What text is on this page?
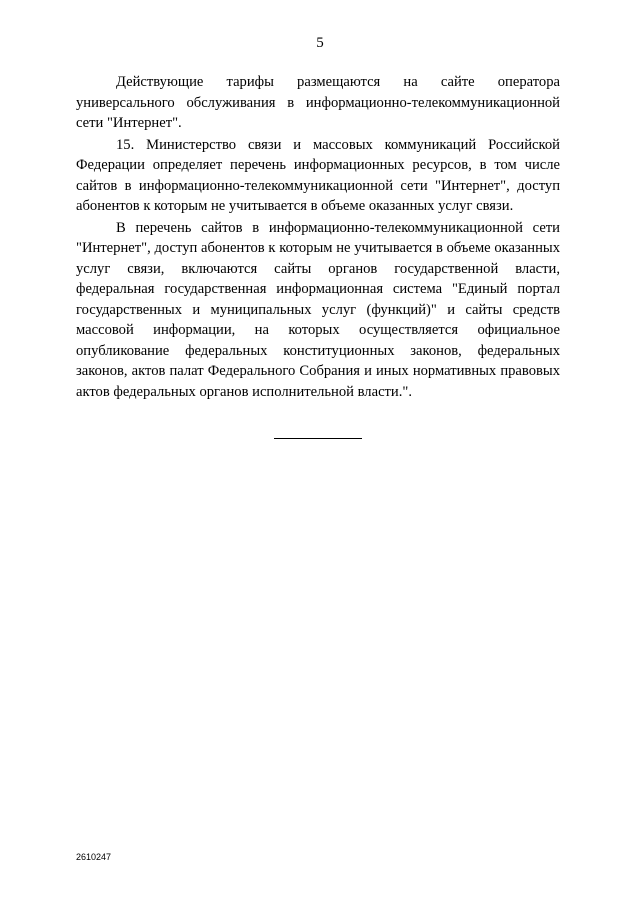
5

Действующие тарифы размещаются на сайте оператора универсального обслуживания в информационно-телекоммуникационной сети "Интернет".

15. Министерство связи и массовых коммуникаций Российской Федерации определяет перечень информационных ресурсов, в том числе сайтов в информационно-телекоммуникационной сети "Интернет", доступ абонентов к которым не учитывается в объеме оказанных услуг связи.

В перечень сайтов в информационно-телекоммуникационной сети "Интернет", доступ абонентов к которым не учитывается в объеме оказанных услуг связи, включаются сайты органов государственной власти, федеральная государственная информационная система "Единый портал государственных и муниципальных услуг (функций)" и сайты средств массовой информации, на которых осуществляется официальное опубликование федеральных конституционных законов, федеральных законов, актов палат Федерального Собрания и иных нормативных правовых актов федеральных органов исполнительной власти.".

2610247
